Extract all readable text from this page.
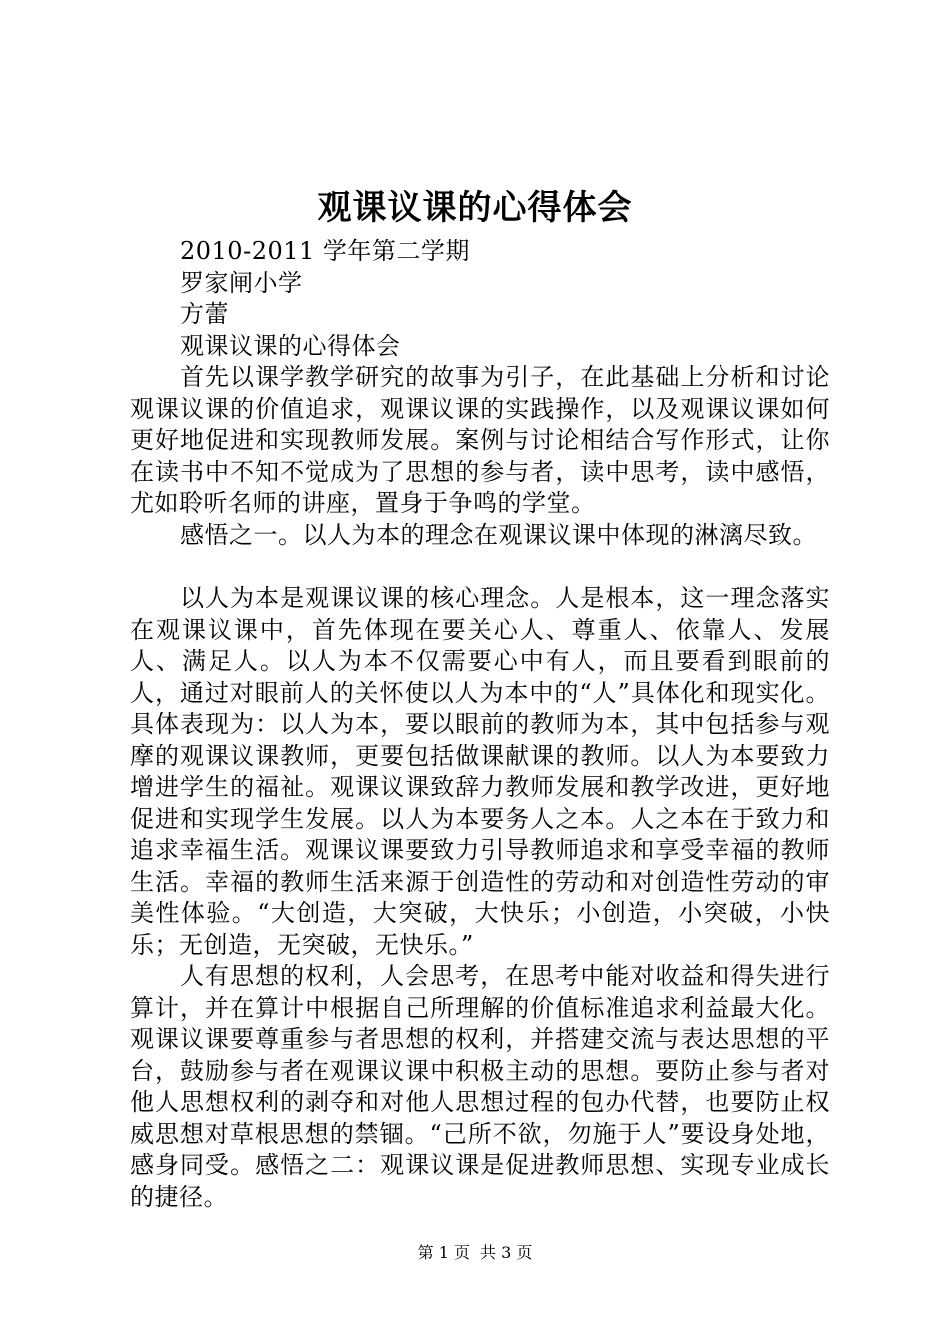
观课议课的心得体会

2010-2011 学年第二学期

罗家闸小学

方蕾

观课议课的心得体会

首先以课学教学研究的故事为引子，在此基础上分析和讨论观课议课的价值追求，观课议课的实践操作，以及观课议课如何更好地促进和实现教师发展。案例与讨论相结合写作形式，让你在读书中不知不觉成为了思想的参与者，读中思考，读中感悟，尤如聆听名师的讲座，置身于争鸣的学堂。

感悟之一。以人为本的理念在观课议课中体现的淋漓尽致。

以人为本是观课议课的核心理念。人是根本，这一理念落实在观课议课中，首先体现在要关心人、尊重人、依靠人、发展人、满足人。以人为本不仅需要心中有人，而且要看到眼前的人，通过对眼前人的关怀使以人为本中的“人”具体化和现实化。具体表现为：以人为本，要以眼前的教师为本，其中包括参与观摩的观课议课教师，更要包括做课献课的教师。以人为本要致力增进学生的福祉。观课议课致辞力教师发展和教学改进，更好地促进和实现学生发展。以人为本要务人之本。人之本在于致力和追求幸福生活。观课议课要致力引导教师追求和享受幸福的教师生活。幸福的教师生活来源于创造性的劳动和对创造性劳动的审美性体验。“大创造，大突破，大快乐；小创造，小突破，小快乐；无创造，无突破，无快乐。”

人有思想的权利，人会思考，在思考中能对收益和得失进行算计，并在算计中根据自己所理解的价值标准追求利益最大化。观课议课要尊重参与者思想的权利，并搭建交流与表达思想的平台，鼓励参与者在观课议课中积极主动的思想。要防止参与者对他人思想权利的剥夺和对他人思想过程的包办代替，也要防止权威思想对草根思想的禁锢。“己所不欲，勿施于人”要设身处地，感身同受。感悟之二：观课议课是促进教师思想、实现专业成长的捷径。

第 1 页 共 3 页
